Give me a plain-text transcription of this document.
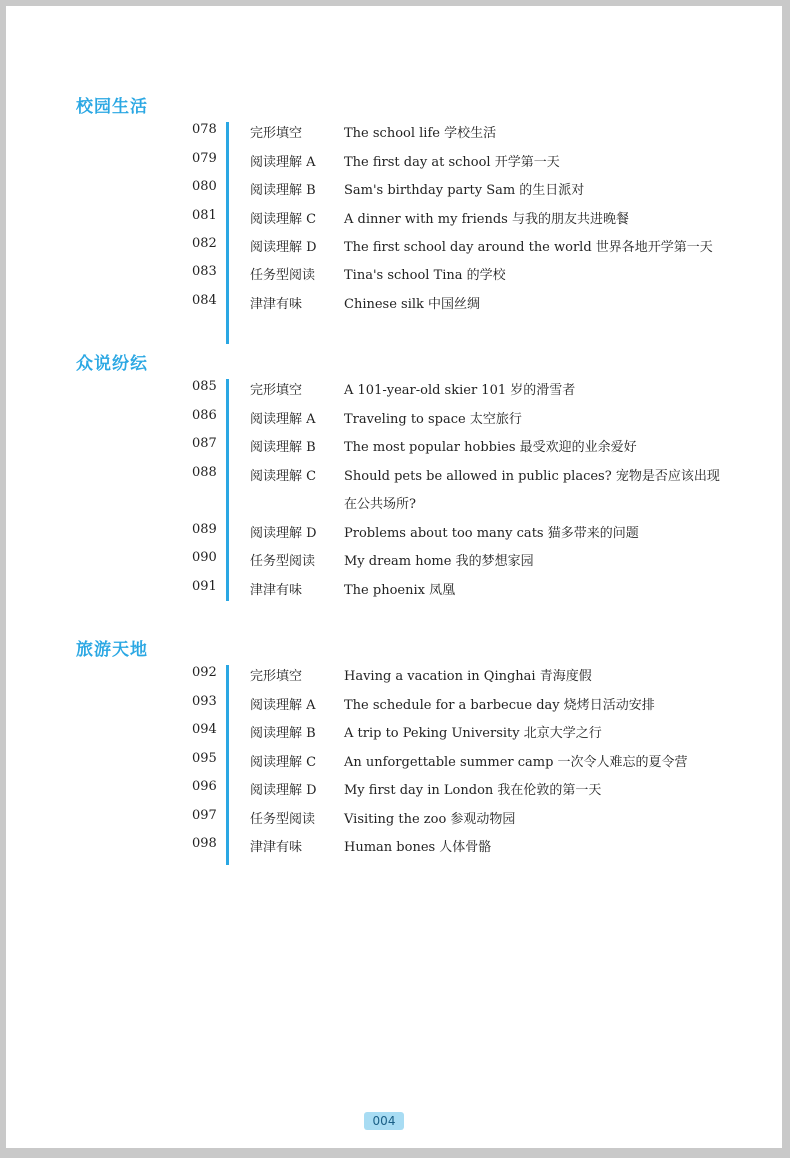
校园生活
078	完形填空	The school life 学校生活
079	阅读理解 A	The first day at school 开学第一天
080	阅读理解 B	Sam's birthday party Sam 的生日派对
081	阅读理解 C	A dinner with my friends 与我的朋友共进晚餐
082	阅读理解 D	The first school day around the world 世界各地开学第一天
083	任务型阅读	Tina's school Tina 的学校
084	津津有味	Chinese silk 中国丝绸
众说纷纭
085	完形填空	A 101-year-old skier 101 岁的滑雪者
086	阅读理解 A	Traveling to space 太空旅行
087	阅读理解 B	The most popular hobbies 最受欢迎的业余爱好
088	阅读理解 C	Should pets be allowed in public places? 宠物是否应该出现
在公共场所?
089	阅读理解 D	Problems about too many cats 猫多带来的问题
090	任务型阅读	My dream home 我的梦想家园
091	津津有味	The phoenix 凤凰
旅游天地
092	完形填空	Having a vacation in Qinghai 青海度假
093	阅读理解 A	The schedule for a barbecue day 烧烤日活动安排
094	阅读理解 B	A trip to Peking University 北京大学之行
095	阅读理解 C	An unforgettable summer camp 一次令人难忘的夏令营
096	阅读理解 D	My first day in London 我在伦敦的第一天
097	任务型阅读	Visiting the zoo 参观动物园
098	津津有味	Human bones 人体骨骼
004
